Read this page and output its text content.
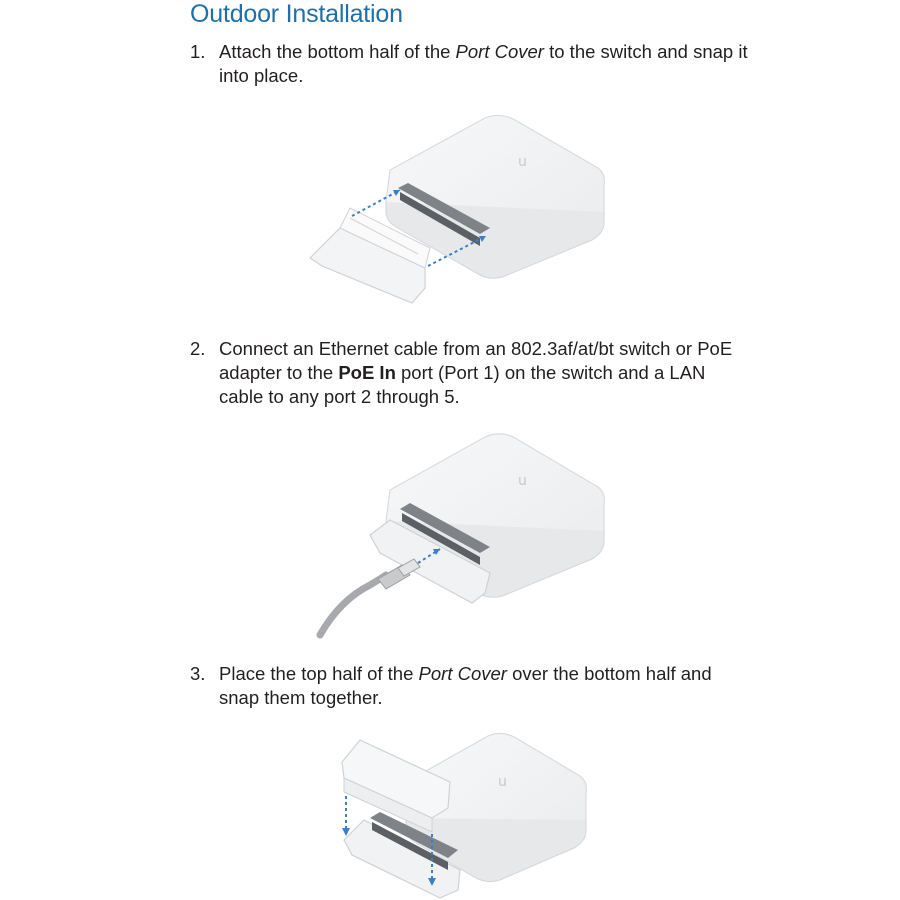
Outdoor Installation
1. Attach the bottom half of the Port Cover to the switch and snap it into place.
u
2. Connect an Ethernet cable from an 802.3af/at/bt switch or PoE adapter to the PoE In port (Port 1) on the switch and a LAN cable to any port 2 through 5.
u
3. Place the top half of the Port Cover over the bottom half and snap them together.
u
